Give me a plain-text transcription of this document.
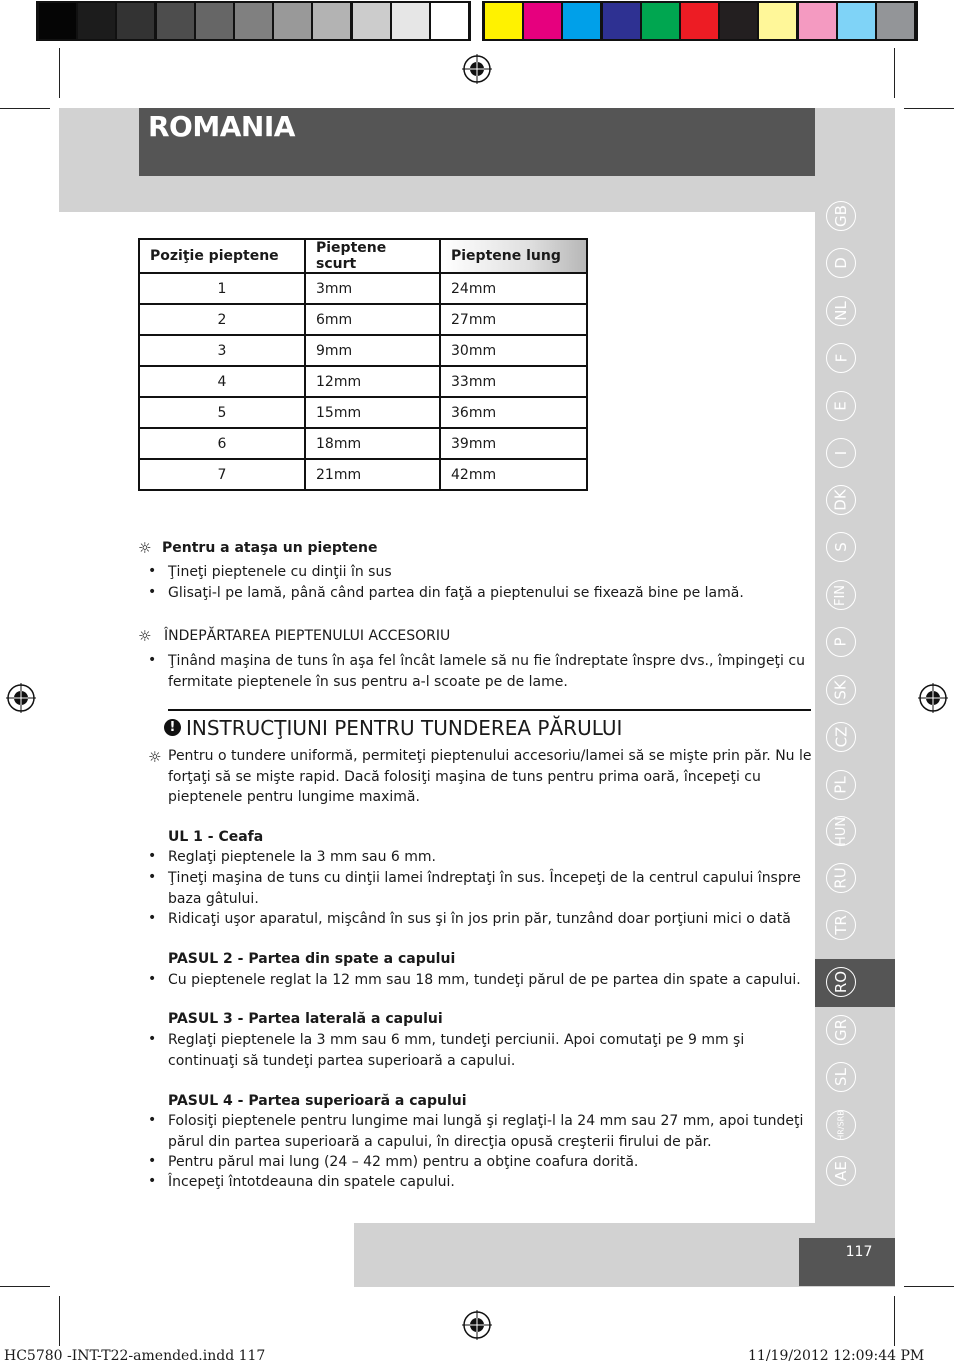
ROMANIA
Poziţie pieptene	Pieptene scurt	Pieptene lung
1	3mm	24mm
2	6mm	27mm
3	9mm	30mm
4	12mm	33mm
5	15mm	36mm
6	18mm	39mm
7	21mm	42mm
☼ Pentru a ataşa un pieptene
• Ţineţi pieptenele cu dinţii în sus
• Glisaţi-l pe lamă, până când partea din faţă a pieptenului se fixează bine pe lamă.
☼ ÎNDEPĂRTAREA PIEPTENULUI ACCESORIU
• Ţinând maşina de tuns în aşa fel încât lamele să nu fie îndreptate înspre dvs., împingeţi cu fermitate pieptenele în sus pentru a-l scoate pe de lame.
! INSTRUCŢIUNI PENTRU TUNDEREA PĂRULUI
☼ Pentru o tundere uniformă, permiteţi pieptenului accesoriu/lamei să se mişte prin păr. Nu le forţaţi să se mişte rapid. Dacă folosiţi maşina de tuns pentru prima oară, începeţi cu pieptenele pentru lungime maximă.
UL 1 - Ceafa
• Reglaţi pieptenele la 3 mm sau 6 mm.
• Ţineţi maşina de tuns cu dinţii lamei îndreptaţi în sus. Începeţi de la centrul capului înspre baza gâtului.
• Ridicaţi uşor aparatul, mişcând în sus şi în jos prin păr, tunzând doar porţiuni mici o dată
PASUL 2 - Partea din spate a capului
• Cu pieptenele reglat la 12 mm sau 18 mm, tundeţi părul de pe partea din spate a capului.
PASUL 3 - Partea laterală a capului
• Reglaţi pieptenele la 3 mm sau 6 mm, tundeţi perciunii. Apoi comutaţi pe 9 mm şi continuaţi să tundeţi partea superioară a capului.
PASUL 4 - Partea superioară a capului
• Folosiţi pieptenele pentru lungime mai lungă şi reglaţi-l la 24 mm sau 27 mm, apoi tundeţi părul din partea superioară a capului, în direcţia opusă creşterii firului de păr.
• Pentru părul mai lung (24 – 42 mm) pentru a obţine coafura dorită.
• Începeţi întotdeauna din spatele capului.
117
HC5780 -INT-T22-amended.indd 117	11/19/2012 12:09:44 PM
GB
D
NL
F
E
I
DK
S
FIN
P
SK
CZ
PL
HUN
RU
TR
RO
GR
SL
HR/SRB
AE
